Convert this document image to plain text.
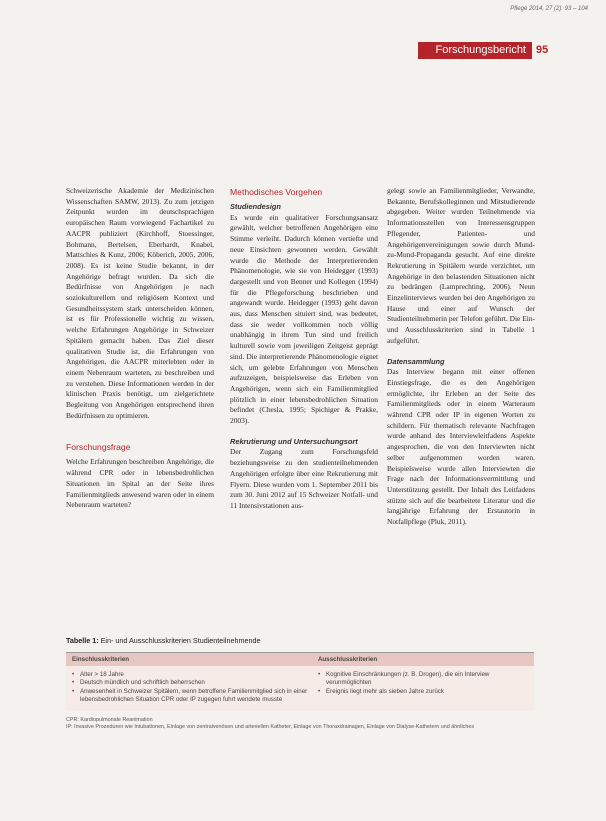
Pflege 2014, 27 (2): 93 – 104
Forschungsbericht 95

Schweizerische Akademie der Medizinischen Wissenschaften SAMW, 2013). Zu zum jetzigen Zeitpunkt wurden im deutschsprachigen europäischen Raum vorwiegend Fachartikel zu AACPR publiziert (Kirchhoff, Stoessinger, Bohmann, Bertelsen, Eberhardt, Knabel, Mattschies & Kunz, 2006; Köberich, 2005, 2006, 2008). Es ist keine Studie bekannt, in der Angehörige befragt wurden. Da sich die Bedürfnisse von Angehörigen je nach soziokulturellem und religiösem Kontext und Gesundheitssystem stark unterscheiden können, ist es für Professionelle wichtig zu wissen, welche Erfahrungen Angehörige in Schweizer Spitälern gemacht haben. Das Ziel dieser qualitativen Studie ist, die Erfahrungen von Angehörigen, die AACPR miterlebten oder in einem Nebenraum warteten, zu beschreiben und zu verstehen. Diese Informationen werden in der klinischen Praxis benötigt, um zielgerichtete Begleitung von Angehörigen entsprechend ihren Bedürfnissen zu optimieren.

Forschungsfrage

Welche Erfahrungen beschreiben Angehörige, die während CPR oder in lebensbedrohlichen Situationen im Spital an der Seite ihres Familienmitglieds anwesend waren oder in einem Nebenraum warteten?

Methodisches Vorgehen
Studiendesign

Es wurde ein qualitativer Forschungsansatz gewählt, welcher betroffenen Angehörigen eine Stimme verleiht. Dadurch können vertiefte und neue Einsichten gewonnen werden. Gewählt wurde die Methode der Interpretierenden Phänomenologie, wie sie von Heidegger (1993) dargestellt und von Benner und Kollegen (1994) für die Pflegeforschung beschrieben und angewandt wurde. Heidegger (1993) geht davon aus, dass Menschen situiert sind, was bedeutet, dass sie weder vollkommen noch völlig unabhängig in ihrem Tun sind und freilich kulturell sowie vom jeweiligen Zeitgeist geprägt sind. Die interpretierende Phänomenologie eignet sich, um gelebte Erfahrungen von Menschen aufzuzeigen, beispielsweise das Erleben von Angehörigen, wenn sich ein Familienmitglied plötzlich in einer lebensbedrohlichen Situation befindet (Chesla, 1995; Spichiger & Prakke, 2003).

Rekrutierung und Untersuchungsort

Der Zugang zum Forschungsfeld beziehungsweise zu den studienteilnehmenden Angehörigen erfolgte über eine Rekrutierung mit Flyern. Diese wurden vom 1. September 2011 bis zum 30. Juni 2012 auf 15 Schweizer Notfall- und 11 Intensivstationen aus-

gelegt sowie an Familienmitglieder, Verwandte, Bekannte, Berufskolleginnen und Mitstudierende abgegeben. Weiter wurden Teilnehmende via Informationsstellen von Interessensgruppen Pflegender, Patienten- und Angehörigenvereinigungen sowie durch Mund-zu-Mund-Propaganda gesucht. Auf eine direkte Rekrutierung in Spitälern wurde verzichtet, um Angehörige in den belastenden Situationen nicht zu bedrängen (Lamprechting, 2006). Neun Einzelinterviews wurden bei den Angehörigen zu Hause und einer auf Wunsch der Studienteilnehmerin per Telefon geführt. Die Ein- und Ausschlusskriterien sind in Tabelle 1 aufgeführt.

Datensammlung

Das Interview begann mit einer offenen Einstiegsfrage, die es den Angehörigen ermöglichte, ihr Erleben an der Seite des Familienmitglieds oder in einem Warteraum während CPR oder IP in eigenen Worten zu schildern. Für thematisch relevante Nachfragen wurde anhand des Interviewleitfadens Aspekte angesprochen, die von den Interviewten nicht selber aufgenommen worden waren. Beispielsweise wurde allen Interviewten die Frage nach der Informationsvermittlung und Unterstützung gestellt. Der Inhalt des Leitfadens stützte sich auf die bearbeitete Literatur und die langjährige Erfahrung der Erstautorin in Notfallpflege (Pluk, 2011).

Tabelle 1: Ein- und Ausschlusskriterien Studienteilnehmende
Einschlusskriterien	Ausschlusskriterien
• Alter > 18 Jahre
• Deutsch mündlich und schriftlich beherrschen
• Anwesenheit in Schweizer Spitälern, wenn betroffene Familienmitglied sich in einer lebensbedrohlichen Situation CPR oder IP zugegen fuhrt wendete musste
• Kognitive Einschränkungen (z. B. Drogen), die ein Interview verunmöglichten
• Ereignis liegt mehr als sieben Jahre zurück
CPR: Kardiopulmonale Reanimation
IP: Invasive Prozeduren wie Intubationen, Einlage von zentralvenösen und arteriellen Katheter, Einlage von Thoraxdrainagen, Einlage von Dialyse-Kathetern und ähnliches
